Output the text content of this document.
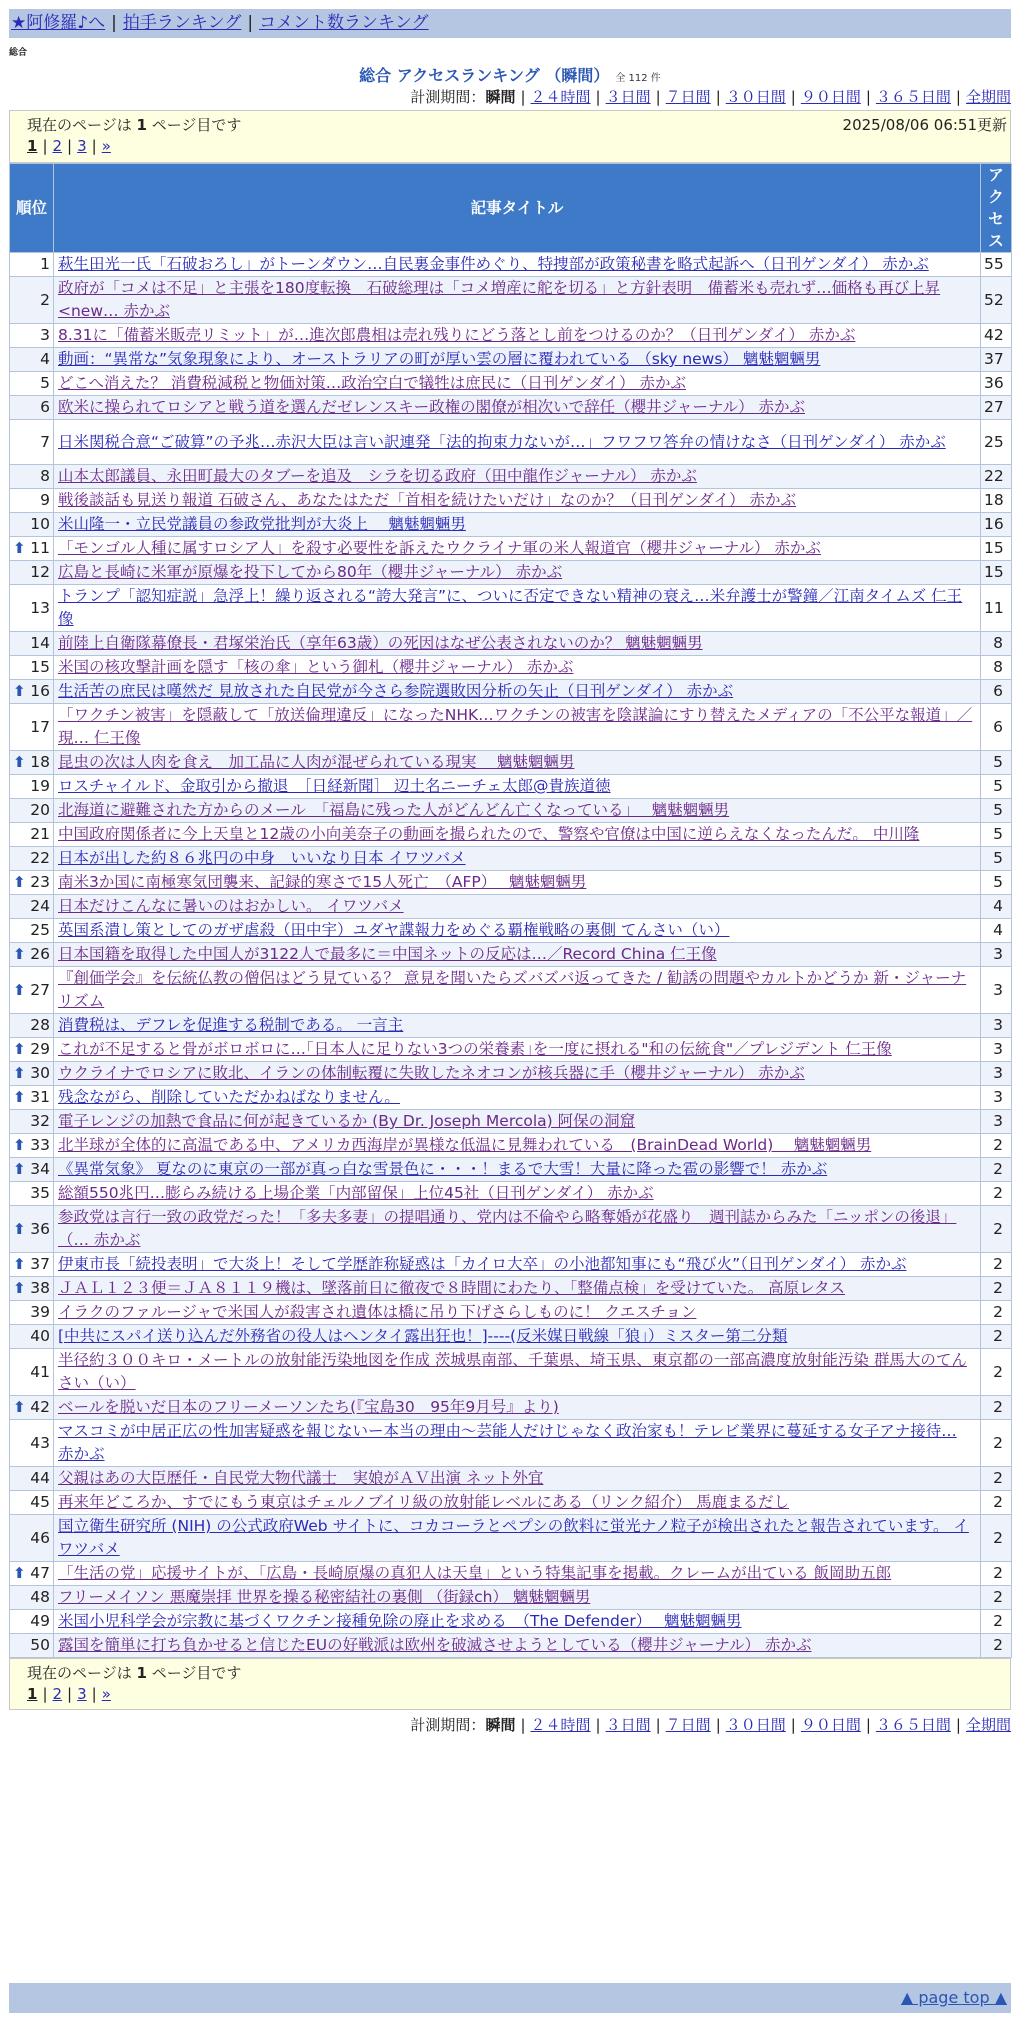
★阿修羅♪へ | 拍手ランキング | コメント数ランキング
総合
総合 アクセスランキング （瞬間） 全 112 件
計測期間：瞬間 | ２４時間 | ３日間 | ７日間 | ３０日間 | ９０日間 | ３６５日間 | 全期間
現在のページは 1 ページ目です	2025/08/06 06:51更新
1 | 2 | 3 | »
順位	記事タイトル	アクセス
1	萩生田光一氏「石破おろし」がトーンダウン…自民裏金事件めぐり、特捜部が政策秘書を略式起訴へ（日刊ゲンダイ） 赤かぶ	55
2	政府が「コメは不足」と主張を180度転換　石破総理は「コメ増産に舵を切る」と方針表明　備蓄米も売れず…価格も再び上昇<new… 赤かぶ	52
3	8.31に「備蓄米販売リミット」が…進次郎農相は売れ残りにどう落とし前をつけるのか？（日刊ゲンダイ） 赤かぶ	42
4	動画：“異常な”気象現象により、オーストラリアの町が厚い雲の層に覆われている （sky news） 魑魅魍魎男	37
5	どこへ消えた？ 消費税減税と物価対策…政治空白で犠牲は庶民に（日刊ゲンダイ） 赤かぶ	36
6	欧米に操られてロシアと戦う道を選んだゼレンスキー政権の閣僚が相次いで辞任（櫻井ジャーナル） 赤かぶ	27
7	日米関税合意“ご破算”の予兆…赤沢大臣は言い訳連発「法的拘束力ないが…」フワフワ答弁の情けなさ（日刊ゲンダイ） 赤かぶ	25
8	山本太郎議員、永田町最大のタブーを追及　シラを切る政府（田中龍作ジャーナル） 赤かぶ	22
9	戦後談話も見送り報道 石破さん、あなたはただ「首相を続けたいだけ」なのか？（日刊ゲンダイ） 赤かぶ	18
10	米山隆一・立民党議員の参政党批判が大炎上　 魑魅魍魎男	16

⬆ 11	「モンゴル人種に属すロシア人」を殺す必要性を訴えたウクライナ軍の米人報道官（櫻井ジャーナル） 赤かぶ	15
12	広島と長崎に米軍が原爆を投下してから80年（櫻井ジャーナル） 赤かぶ	15
13	トランプ「認知症説」急浮上！繰り返される“誇大発言”に、ついに否定できない精神の衰え…米弁護士が警鐘／江南タイムズ 仁王像	11
14	前陸上自衛隊幕僚長・君塚栄治氏（享年63歳）の死因はなぜ公表されないのか？ 魑魅魍魎男	8
15	米国の核攻撃計画を隠す「核の傘」という御札（櫻井ジャーナル） 赤かぶ	8

⬆ 16	生活苦の庶民は嘆然だ 見放された自民党が今さら参院選敗因分析の矢止（日刊ゲンダイ） 赤かぶ	6
17	「ワクチン被害」を隠蔽して「放送倫理違反」になったNHK…ワクチンの被害を陰謀論にすり替えたメディアの「不公平な報道」／現… 仁王像	6

⬆ 18	昆虫の次は人肉を食え　加工品に人肉が混ぜられている現実　 魑魅魍魎男	5
19	ロスチャイルド、金取引から撤退　［日経新聞］ 辺土名ニーチェ太郎@貴族道徳	5
20	北海道に避難された方からのメール　「福島に残った人がどんどん亡くなっている」　 魑魅魍魎男	5
21	中国政府関係者に今上天皇と12歳の小向美奈子の動画を撮られたので、警察や官僚は中国に逆らえなくなったんだ。 中川隆	5
22	日本が出した約８６兆円の中身　いいなり日本 イワツバメ	5

⬆ 23	南米3か国に南極寒気団襲来、記録的寒さで15人死亡　（AFP）　 魑魅魍魎男	5
24	日本だけこんなに暑いのはおかしい。 イワツバメ	4
25	英国系潰し策としてのガザ虐殺（田中宇）ユダヤ諜報力をめぐる覇権戦略の裏側 てんさい（い）	4

⬆ 26	日本国籍を取得した中国人が3122人で最多に＝中国ネットの反応は…／Record China 仁王像	3

⬆ 27	『創価学会』を伝統仏教の僧侶はどう見ている？ 意見を聞いたらズバズバ返ってきた / 勧誘の問題やカルトかどうか 新・ジャーナリズム	3
28	消費税は、デフレを促進する税制である。 一言主	3

⬆ 29	これが不足すると骨がボロボロに…｢日本人に足りない3つの栄養素｣を一度に摂れる"和の伝統食"／プレジデント 仁王像	3

⬆ 30	ウクライナでロシアに敗北、イランの体制転覆に失敗したネオコンが核兵器に手（櫻井ジャーナル） 赤かぶ	3

⬆ 31	残念ながら、削除していただかねばなりません。	3
32	電子レンジの加熱で食品に何が起きているか (By Dr. Joseph Mercola) 阿保の洞窟	3

⬆ 33	北半球が全体的に高温である中、アメリカ西海岸が異様な低温に見舞われている　(BrainDead World)　 魑魅魍魎男	2

⬆ 34	《異常気象》 夏なのに東京の一部が真っ白な雪景色に・・・！まるで大雪！大量に降った雹の影響で！ 赤かぶ	2
35	総額550兆円…膨らみ続ける上場企業「内部留保」上位45社（日刊ゲンダイ） 赤かぶ	2

⬆ 36	参政党は言行一致の政党だった！「多夫多妻」の提唱通り、党内は不倫やら略奪婚が花盛り　週刊誌からみた「ニッポンの後退」（… 赤かぶ	2

⬆ 37	伊東市長「続投表明」で大炎上！そして学歴詐称疑惑は「カイロ大卒」の小池都知事にも“飛び火”（日刊ゲンダイ） 赤かぶ	2

⬆ 38	ＪＡＬ１２３便＝ＪＡ８１１９機は、墜落前日に徹夜で８時間にわたり、「整備点検」を受けていた。 高原レタス	2
39	イラクのファルージャで米国人が殺害され遺体は橋に吊り下げさらしものに！ クエスチョン	2
40	[中共にスパイ送り込んだ外務省の役人はヘンタイ露出狂也！]----(反米媒日戦線「狼」）ミスター第二分類	2
41	半径約３００キロ・メートルの放射能汚染地図を作成 茨城県南部、千葉県、埼玉県、東京都の一部高濃度放射能汚染 群馬大のてんさい（い）	2

⬆ 42	ベールを脱いだ日本のフリーメーソンたち(『宝島30　95年9月号』より)	2
43	マスコミが中居正広の性加害疑惑を報じないー本当の理由〜芸能人だけじゃなく政治家も！テレビ業界に蔓延する女子アナ接待… 赤かぶ	2
44	父親はあの大臣歴任・自民党大物代議士　実娘がＡＶ出演 ネット外宜	2
45	再来年どころか、すでにもう東京はチェルノブイリ級の放射能レベルにある（リンク紹介） 馬鹿まるだし	2
46	国立衛生研究所 (NIH) の公式政府Web サイトに、コカコーラとペプシの飲料に蛍光ナノ粒子が検出されたと報告されています。 イワツバメ	2

⬆ 47	「生活の党」応援サイトが、「広島・長崎原爆の真犯人は天皇」という特集記事を掲載。クレームが出ている 飯岡助五郎	2
48	フリーメイソン 悪魔崇拝 世界を操る秘密結社の裏側 （街録ch） 魑魅魍魎男	2
49	米国小児科学会が宗教に基づくワクチン接種免除の廃止を求める　（The Defender）　 魑魅魍魎男	2
50	露国を簡単に打ち負かせると信じたEUの好戦派は欧州を破滅させようとしている（櫻井ジャーナル） 赤かぶ	2
現在のページは 1 ページ目です
1 | 2 | 3 | »
計測期間：瞬間 | ２４時間 | ３日間 | ７日間 | ３０日間 | ９０日間 | ３６５日間 | 全期間
▲ page top ▲
